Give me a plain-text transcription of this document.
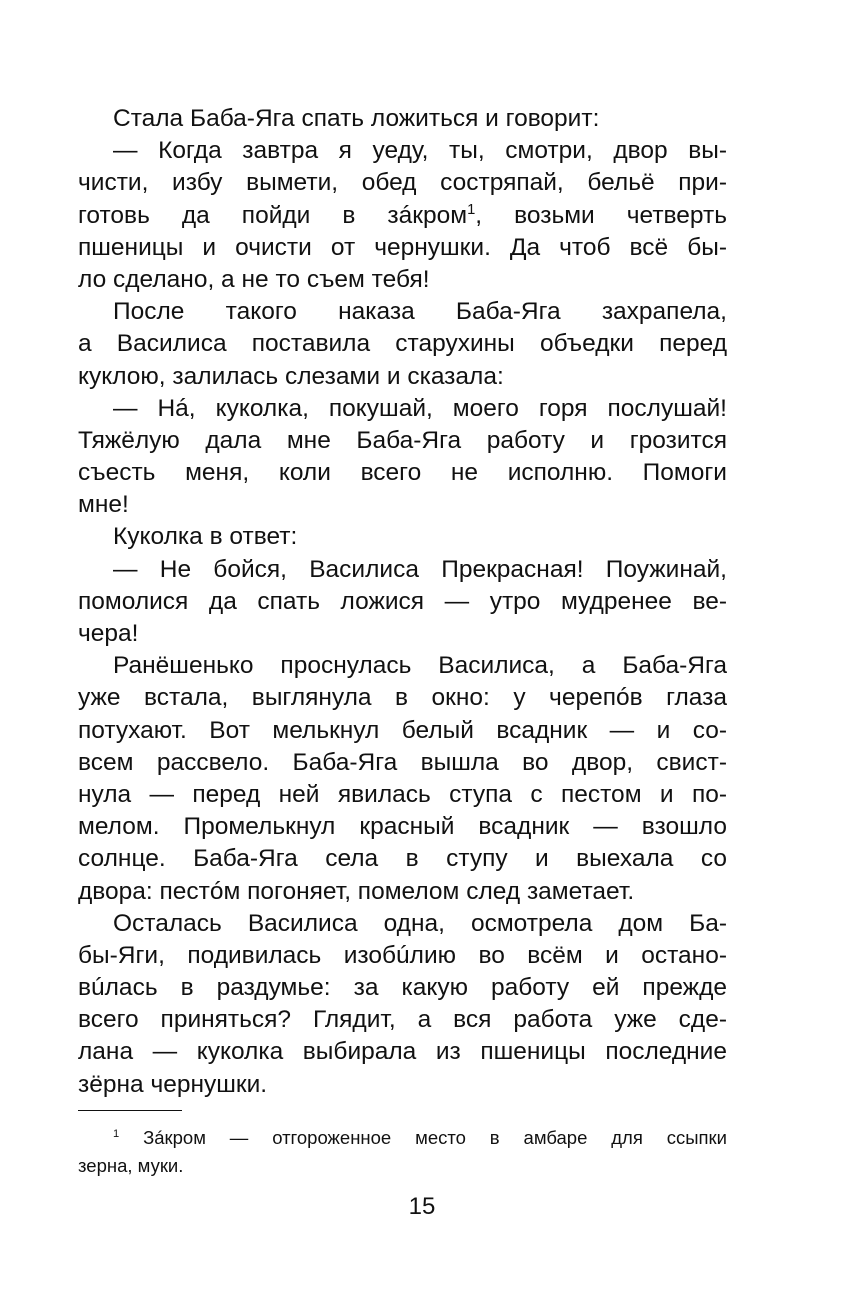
Стала Баба-Яга спать ложиться и говорит:
— Когда завтра я уеду, ты, смотри, двор вы-
чисти, избу вымети, обед состряпай, бельё при-
готовь да пойди в зáкром$^1$, возьми четверть
пшеницы и очисти от чернушки. Да чтоб всё бы-
ло сделано, а не то съем тебя!
После такого наказа Баба-Яга захрапела,
а Василиса поставила старухины объедки перед
куклою, залилась слезами и сказала:
— Нá, куколка, покушай, моего горя послушай!
Тяжёлую дала мне Баба-Яга работу и грозится
съесть меня, коли всего не исполню. Помоги
мне!
Куколка в ответ:
— Не бойся, Василиса Прекрасная! Поужинай,
помолися да спать ложися — утро мудренее ве-
чера!
Ранёшенько проснулась Василиса, а Баба-Яга
уже встала, выглянула в окно: у черепóв глаза
потухают. Вот мелькнул белый всадник — и со-
всем рассвело. Баба-Яга вышла во двор, свист-
нула — перед ней явилась ступа с пестом и по-
мелом. Промелькнул красный всадник — взошло
солнце. Баба-Яга села в ступу и выехала со
двора: пестóм погоняет, помелом след заметает.
Осталась Василиса одна, осмотрела дом Ба-
бы-Яги, подивилась изобúлию во всём и остано-
вúлась в раздумье: за какую работу ей прежде
всего приняться? Глядит, а вся работа уже сде-
лана — куколка выбирала из пшеницы последние
зёрна чернушки.
$^1$ Зáкром — отгороженное место в амбаре для ссыпки
зерна, муки.
15
